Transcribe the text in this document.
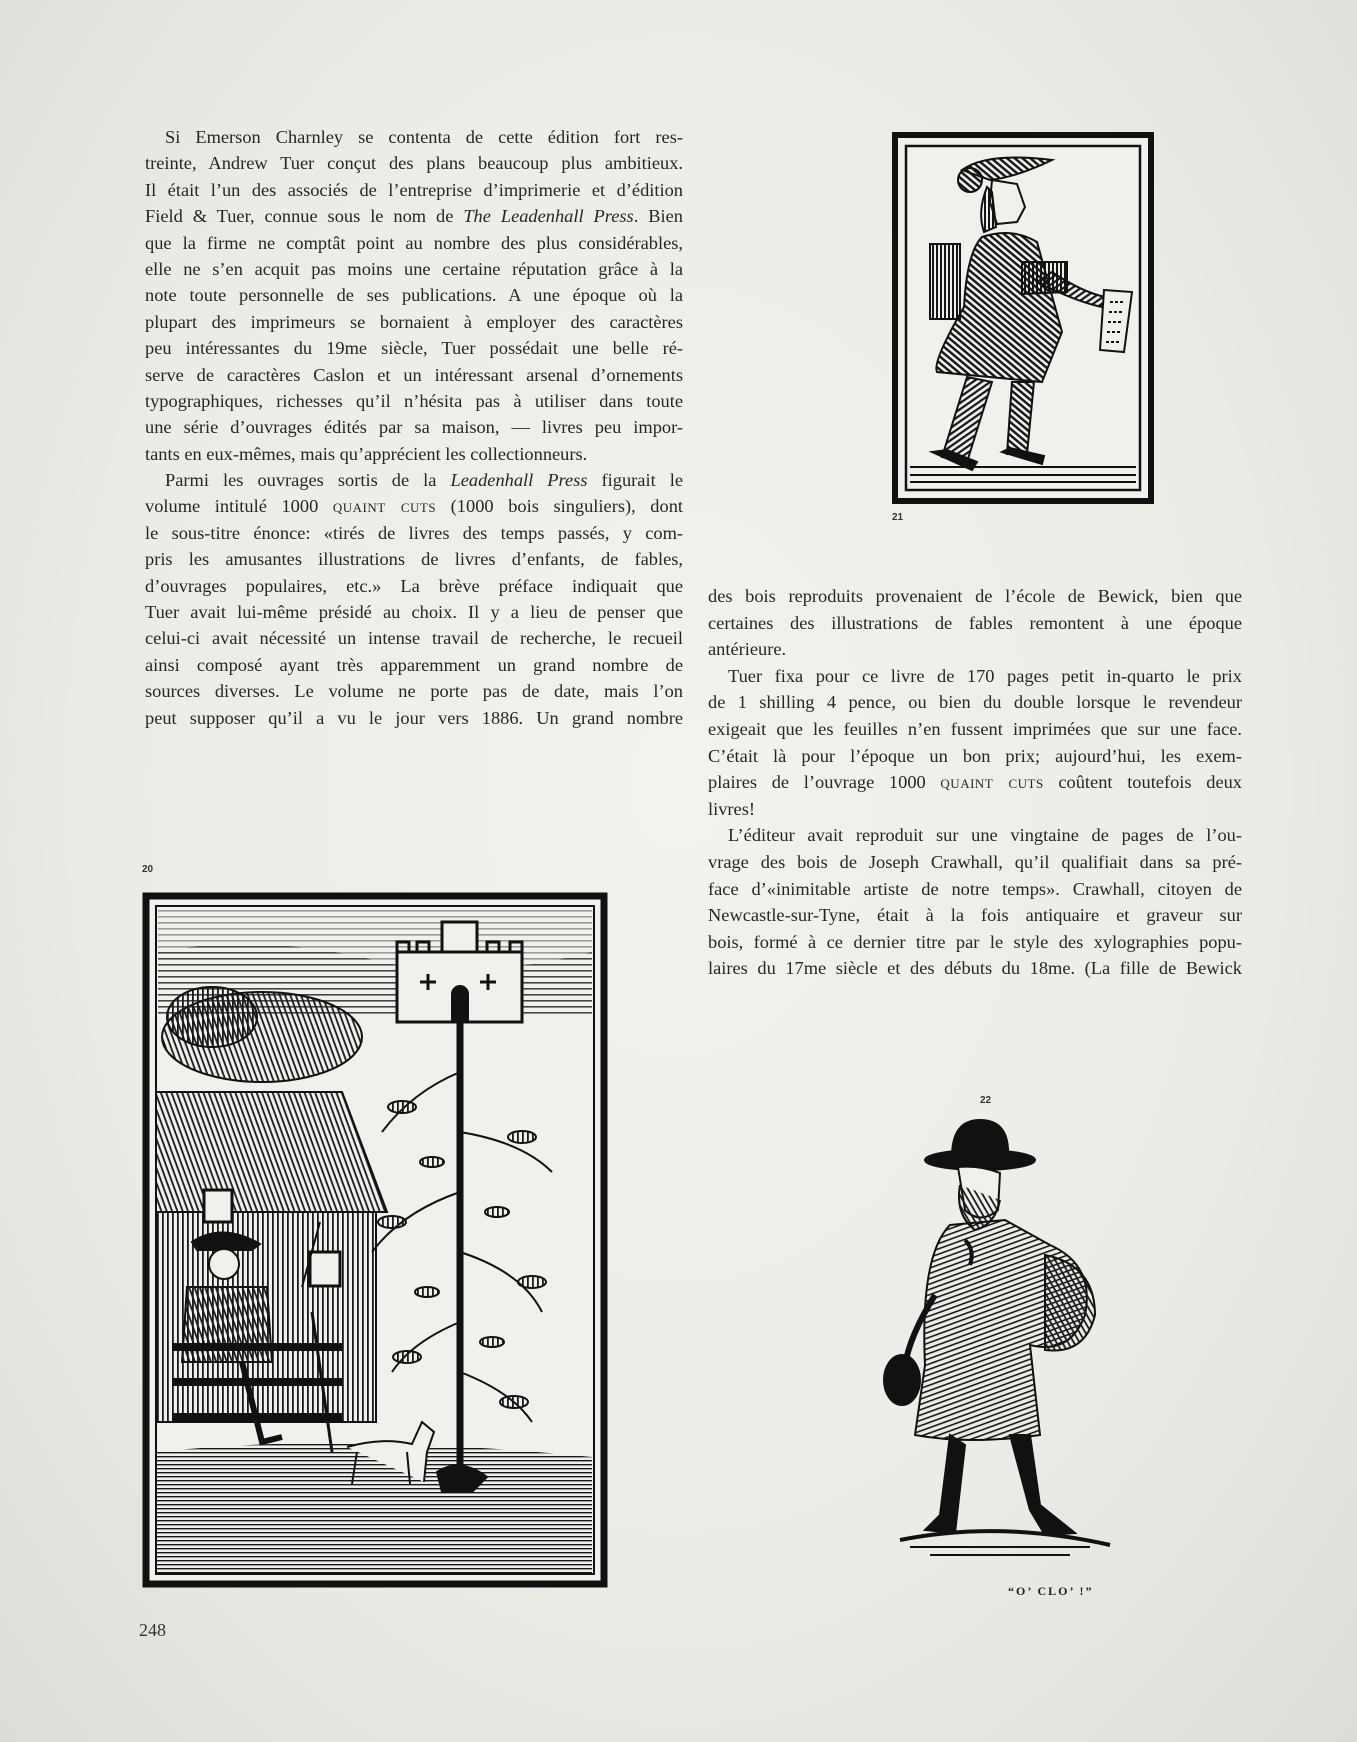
Si Emerson Charnley se contenta de cette édition fort res-
treinte, Andrew Tuer conçut des plans beaucoup plus ambitieux.
Il était l’un des associés de l’entreprise d’imprimerie et d’édition
Field & Tuer, connue sous le nom de The Leadenhall Press. Bien
que la firme ne comptât point au nombre des plus considérables,
elle ne s’en acquit pas moins une certaine réputation grâce à la
note toute personnelle de ses publications. A une époque où la
plupart des imprimeurs se bornaient à employer des caractères
peu intéressantes du 19me siècle, Tuer possédait une belle ré-
serve de caractères Caslon et un intéressant arsenal d’ornements
typographiques, richesses qu’il n’hésita pas à utiliser dans toute
une série d’ouvrages édités par sa maison, — livres peu impor-
tants en eux-mêmes, mais qu’apprécient les collectionneurs.
Parmi les ouvrages sortis de la Leadenhall Press figurait le
volume intitulé 1000 quaint cuts (1000 bois singuliers), dont
le sous-titre énonce: «tirés de livres des temps passés, y com-
pris les amusantes illustrations de livres d’enfants, de fables,
d’ouvrages populaires, etc.» La brève préface indiquait que
Tuer avait lui-même présidé au choix. Il y a lieu de penser que
celui-ci avait nécessité un intense travail de recherche, le recueil
ainsi composé ayant très apparemment un grand nombre de
sources diverses. Le volume ne porte pas de date, mais l’on
peut supposer qu’il a vu le jour vers 1886. Un grand nombre
des bois reproduits provenaient de l’école de Bewick, bien que
certaines des illustrations de fables remontent à une époque
antérieure.
Tuer fixa pour ce livre de 170 pages petit in-quarto le prix
de 1 shilling 4 pence, ou bien du double lorsque le revendeur
exigeait que les feuilles n’en fussent imprimées que sur une face.
C’était là pour l’époque un bon prix; aujourd’hui, les exem-
plaires de l’ouvrage 1000 quaint cuts coûtent toutefois deux
livres!
L’éditeur avait reproduit sur une vingtaine de pages de l’ou-
vrage des bois de Joseph Crawhall, qu’il qualifiait dans sa pré-
face d’«inimitable artiste de notre temps». Crawhall, citoyen de
Newcastle-sur-Tyne, était à la fois antiquaire et graveur sur
bois, formé à ce dernier titre par le style des xylographies popu-
laires du 17me siècle et des débuts du 18me. (La fille de Bewick
21
20
22
“O’ CLO’ !”
248
